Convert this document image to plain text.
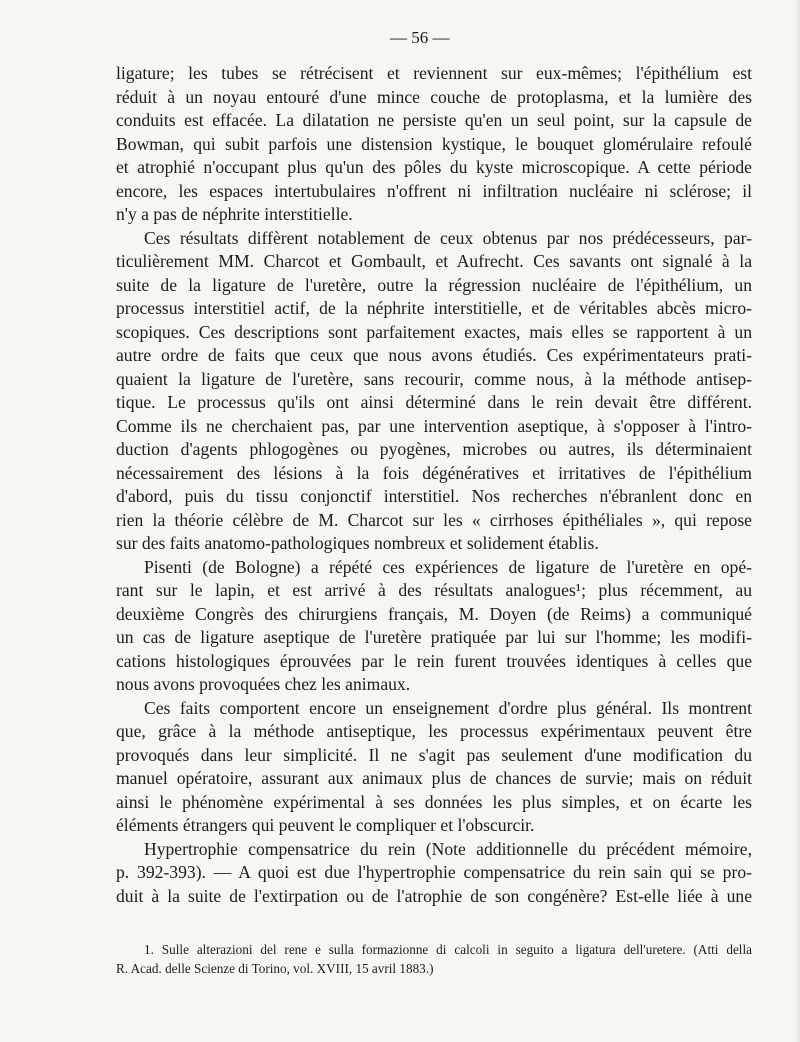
— 56 —
ligature; les tubes se rétrécisent et reviennent sur eux-mêmes; l'épithélium est
réduit à un noyau entouré d'une mince couche de protoplasma, et la lumière des
conduits est effacée. La dilatation ne persiste qu'en un seul point, sur la capsule de
Bowman, qui subit parfois une distension kystique, le bouquet glomérulaire refoulé
et atrophié n'occupant plus qu'un des pôles du kyste microscopique. A cette période
encore, les espaces intertubulaires n'offrent ni infiltration nucléaire ni sclérose; il
n'y a pas de néphrite interstitielle.
Ces résultats diffèrent notablement de ceux obtenus par nos prédécesseurs, par-
ticulièrement MM. Charcot et Gombault, et Aufrecht. Ces savants ont signalé à la
suite de la ligature de l'uretère, outre la régression nucléaire de l'épithélium, un
processus interstitiel actif, de la néphrite interstitielle, et de véritables abcès micro-
scopiques. Ces descriptions sont parfaitement exactes, mais elles se rapportent à un
autre ordre de faits que ceux que nous avons étudiés. Ces expérimentateurs prati-
quaient la ligature de l'uretère, sans recourir, comme nous, à la méthode antisep-
tique. Le processus qu'ils ont ainsi déterminé dans le rein devait être différent.
Comme ils ne cherchaient pas, par une intervention aseptique, à s'opposer à l'intro-
duction d'agents phlogogènes ou pyogènes, microbes ou autres, ils déterminaient
nécessairement des lésions à la fois dégénératives et irritatives de l'épithélium
d'abord, puis du tissu conjonctif interstitiel. Nos recherches n'ébranlent donc en
rien la théorie célèbre de M. Charcot sur les « cirrhoses épithéliales », qui repose
sur des faits anatomo-pathologiques nombreux et solidement établis.
Pisenti (de Bologne) a répété ces expériences de ligature de l'uretère en opé-
rant sur le lapin, et est arrivé à des résultats analogues¹; plus récemment, au
deuxième Congrès des chirurgiens français, M. Doyen (de Reims) a communiqué
un cas de ligature aseptique de l'uretère pratiquée par lui sur l'homme; les modifi-
cations histologiques éprouvées par le rein furent trouvées identiques à celles que
nous avons provoquées chez les animaux.
Ces faits comportent encore un enseignement d'ordre plus général. Ils montrent
que, grâce à la méthode antiseptique, les processus expérimentaux peuvent être
provoqués dans leur simplicité. Il ne s'agit pas seulement d'une modification du
manuel opératoire, assurant aux animaux plus de chances de survie; mais on réduit
ainsi le phénomène expérimental à ses données les plus simples, et on écarte les
éléments étrangers qui peuvent le compliquer et l'obscurcir.
Hypertrophie compensatrice du rein (Note additionnelle du précédent mémoire,
p. 392-393). — A quoi est due l'hypertrophie compensatrice du rein sain qui se pro-
duit à la suite de l'extirpation ou de l'atrophie de son congénère? Est-elle liée à une
1. Sulle alterazioni del rene e sulla formazionne di calcoli in seguito a ligatura dell'uretere. (Atti della
R. Acad. delle Scienze di Torino, vol. XVIII, 15 avril 1883.)
